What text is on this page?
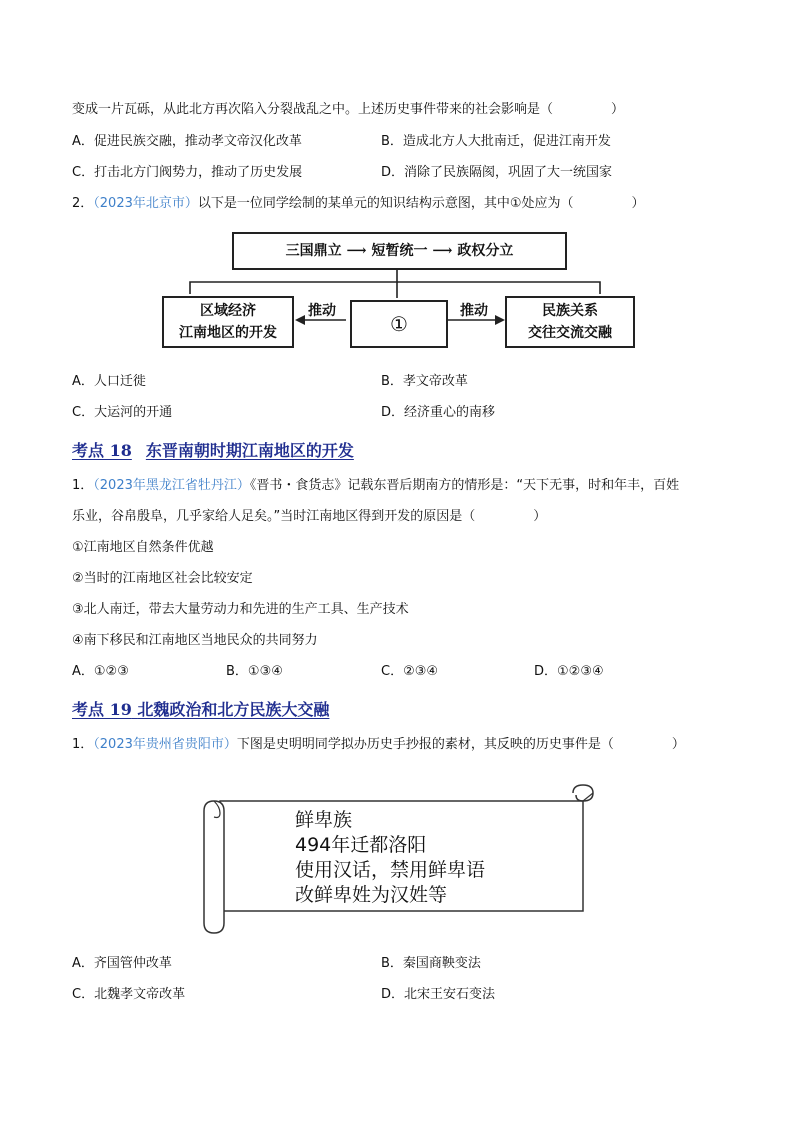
变成一片瓦砾，从此北方再次陷入分裂战乱之中。上述历史事件带来的社会影响是（	）
A．促进民族交融，推动孝文帝汉化改革	B．造成北方人大批南迁，促进江南开发
C．打击北方门阀势力，推动了历史发展	D．消除了民族隔阂，巩固了大一统国家
2．（2023年北京市）以下是一位同学绘制的某单元的知识结构示意图，其中①处应为（	）
三国鼎立
⟶
短暂统一
⟶
政权分立
区域经济
江南地区的开发	①
民族关系
交往交流交融
推动	推动
A．人口迁徙	B．孝文帝改革
C．大运河的开通	D．经济重心的南移
考点 18 东晋南朝时期江南地区的开发
1．（2023年黑龙江省牡丹江）《晋书・食货志》记载东晋后期南方的情形是：“天下无事，时和年丰，百姓
乐业，谷帛殷阜，几乎家给人足矣。”当时江南地区得到开发的原因是（	）
①江南地区自然条件优越
②当时的江南地区社会比较安定
③北人南迁，带去大量劳动力和先进的生产工具、生产技术
④南下移民和江南地区当地民众的共同努力
A．①②③	B．①③④	C．②③④	D．①②③④
考点 19 北魏政治和北方民族大交融
1．（2023年贵州省贵阳市）下图是史明明同学拟办历史手抄报的素材，其反映的历史事件是（	）
鲜卑族
494年迁都洛阳
使用汉话，禁用鲜卑语
改鲜卑姓为汉姓等
A．齐国管仲改革	B．秦国商鞅变法
C．北魏孝文帝改革	D．北宋王安石变法
